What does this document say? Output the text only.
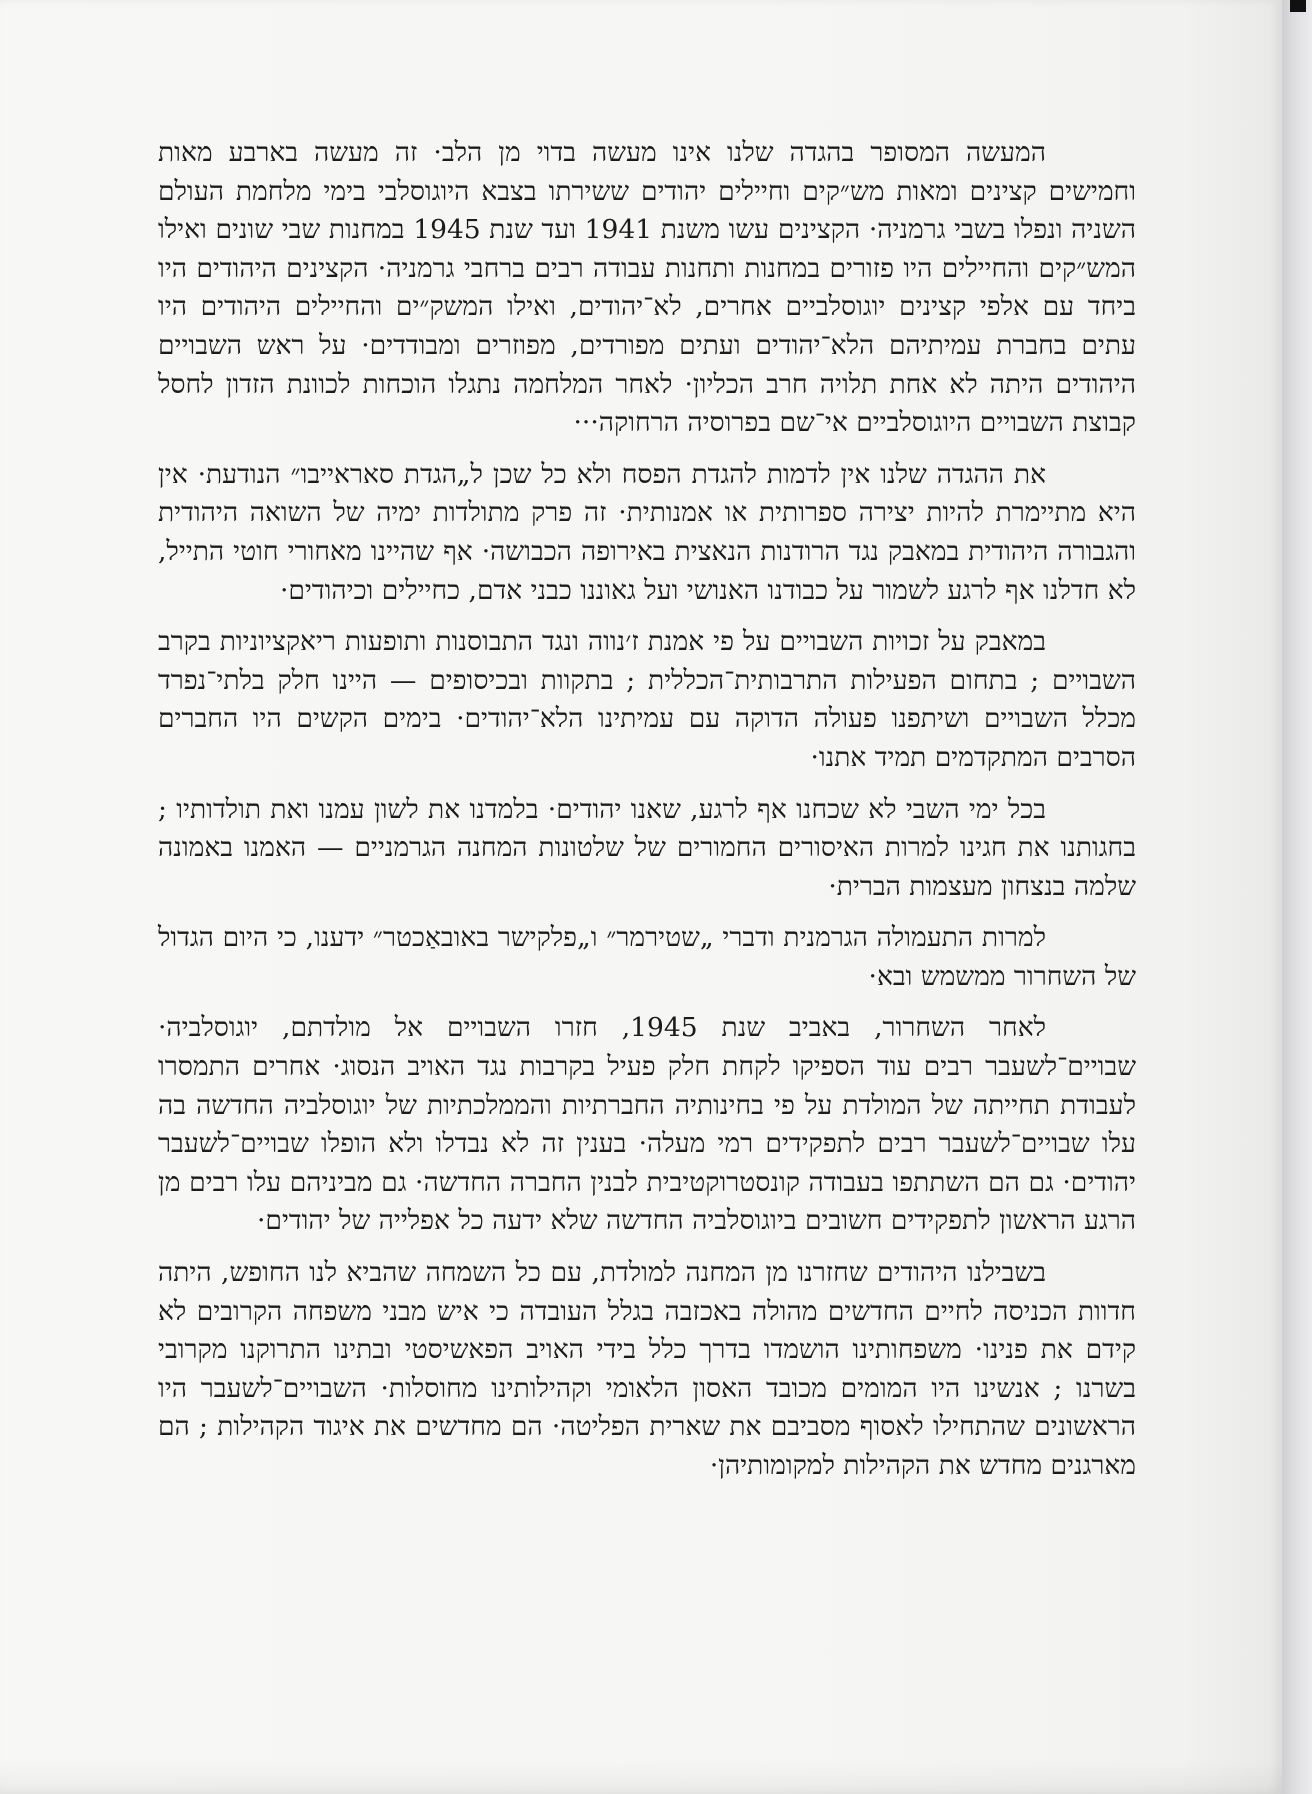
המעשה המסופר בהגדה שלנו אינו מעשה בדוי מן הלב· זה מעשה בארבע מאות וחמישים קצינים ומאות מש״קים וחיילים יהודים ששירתו בצבא היוגוסלבי בימי מלחמת העולם השניה ונפלו בשבי גרמניה· הקצינים עשו משנת 1941 ועד שנת 1945 במחנות שבי שונים ואילו המש״קים והחיילים היו פזורים במחנות ותחנות עבודה רבים ברחבי גרמניה· הקצינים היהודים היו ביחד עם אלפי קצינים יוגוסלביים אחרים, לא־יהודים, ואילו המשק״ים והחיילים היהודים היו עתים בחברת עמיתיהם הלא־יהודים ועתים מפורדים, מפוזרים ומבודדים· על ראש השבויים היהודים היתה לא אחת תלויה חרב הכליון· לאחר המלחמה נתגלו הוכחות לכוונת הזדון לחסל קבוצת השבויים היוגוסלביים אי־שם בפרוסיה הרחוקה···

את ההגדה שלנו אין לדמות להגדת הפסח ולא כל שכן ל„הגדת סאראייבו״ הנודעת· אין היא מתיימרת להיות יצירה ספרותית או אמנותית· זה פרק מתולדות ימיה של השואה היהודית והגבורה היהודית במאבק נגד הרודנות הנאצית באירופה הכבושה· אף שהיינו מאחורי חוטי התייל, לא חדלנו אף לרגע לשמור על כבודנו האנושי ועל גאוננו כבני אדם, כחיילים וכיהודים·

במאבק על זכויות השבויים על פי אמנת ז׳נווה ונגד התבוסנות ותופעות ריאקציוניות בקרב השבויים ; בתחום הפעילות התרבותית־הכללית ; בתקוות ובכיסופים — היינו חלק בלתי־נפרד מכלל השבויים ושיתפנו פעולה הדוקה עם עמיתינו הלא־יהודים· בימים הקשים היו החברים הסרבים המתקדמים תמיד אתנו·

בכל ימי השבי לא שכחנו אף לרגע, שאנו יהודים· בלמדנו את לשון עמנו ואת תולדותיו ; בחגותנו את חגינו למרות האיסורים החמורים של שלטונות המחנה הגרמניים — האמנו באמונה שלמה בנצחון מעצמות הברית·

למרות התעמולה הגרמנית ודברי „שטירמר״ ו„פלקישר באובאַכטר״ ידענו, כי היום הגדול של השחרור ממשמש ובא·

לאחר השחרור, באביב שנת 1945, חזרו השבויים אל מולדתם, יוגוסלביה· שבויים־לשעבר רבים עוד הספיקו לקחת חלק פעיל בקרבות נגד האויב הנסוג· אחרים התמסרו לעבודת תחייתה של המולדת על פי בחינותיה החברתיות והממלכתיות של יוגוסלביה החדשה בה עלו שבויים־לשעבר רבים לתפקידים רמי מעלה· בענין זה לא נבדלו ולא הופלו שבויים־לשעבר יהודים· גם הם השתתפו בעבודה קונסטרוקטיבית לבנין החברה החדשה· גם מביניהם עלו רבים מן הרגע הראשון לתפקידים חשובים ביוגוסלביה החדשה שלא ידעה כל אפלייה של יהודים·

בשבילנו היהודים שחזרנו מן המחנה למולדת, עם כל השמחה שהביא לנו החופש, היתה חדוות הכניסה לחיים החדשים מהולה באכזבה בגלל העובדה כי איש מבני משפחה הקרובים לא קידם את פנינו· משפחותינו הושמדו בדרך כלל בידי האויב הפאשיסטי ובתינו התרוקנו מקרובי בשרנו ; אנשינו היו המומים מכובד האסון הלאומי וקהילותינו מחוסלות· השבויים־לשעבר היו הראשונים שהתחילו לאסוף מסביבם את שארית הפליטה· הם מחדשים את איגוד הקהילות ; הם מארגנים מחדש את הקהילות למקומותיהן·
